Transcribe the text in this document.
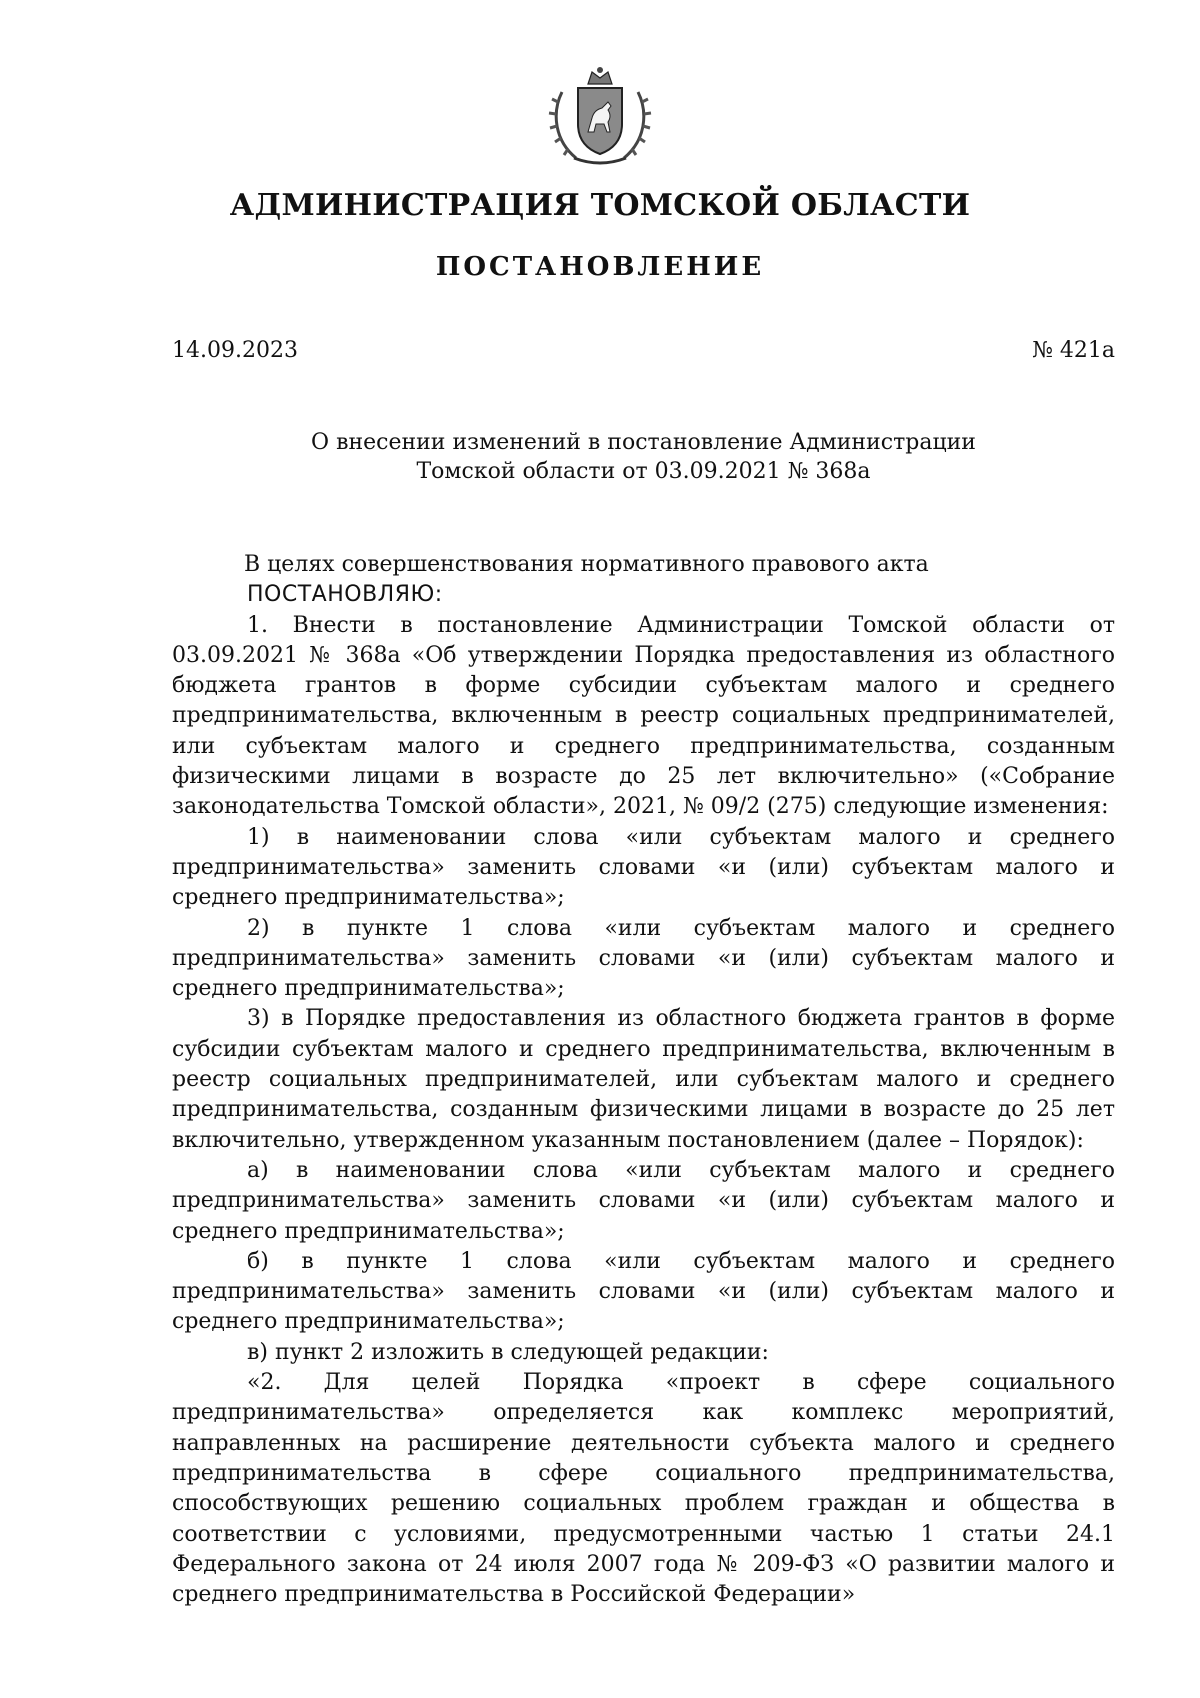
АДМИНИСТРАЦИЯ ТОМСКОЙ ОБЛАСТИ
ПОСТАНОВЛЕНИЕ
14.09.2023	№ 421а
О внесении изменений в постановление Администрации
Томской области от 03.09.2021 № 368а

В целях совершенствования нормативного правового акта

ПОСТАНОВЛЯЮ:

1. Внести в постановление Администрации Томской области от 03.09.2021 № 368а «Об утверждении Порядка предоставления из областного бюджета грантов в форме субсидии субъектам малого и среднего предпринимательства, включенным в реестр социальных предпринимателей, или субъектам малого и среднего предпринимательства, созданным физическими лицами в возрасте до 25 лет включительно» («Собрание законодательства Томской области», 2021, № 09/2 (275) следующие изменения:

1) в наименовании слова «или субъектам малого и среднего предпринимательства» заменить словами «и (или) субъектам малого и среднего предпринимательства»;

2) в пункте 1 слова «или субъектам малого и среднего предпринимательства» заменить словами «и (или) субъектам малого и среднего предпринимательства»;

3) в Порядке предоставления из областного бюджета грантов в форме субсидии субъектам малого и среднего предпринимательства, включенным в реестр социальных предпринимателей, или субъектам малого и среднего предпринимательства, созданным физическими лицами в возрасте до 25 лет включительно, утвержденном указанным постановлением (далее – Порядок):

а) в наименовании слова «или субъектам малого и среднего предпринимательства» заменить словами «и (или) субъектам малого и среднего предпринимательства»;

б) в пункте 1 слова «или субъектам малого и среднего предпринимательства» заменить словами «и (или) субъектам малого и среднего предпринимательства»;

в) пункт 2 изложить в следующей редакции:

«2. Для целей Порядка «проект в сфере социального предпринимательства» определяется как комплекс мероприятий, направленных на расширение деятельности субъекта малого и среднего предпринимательства в сфере социального предпринимательства, способствующих решению социальных проблем граждан и общества в соответствии с условиями, предусмотренными частью 1 статьи 24.1 Федерального закона от 24 июля 2007 года № 209-ФЗ «О развитии малого и среднего предпринимательства в Российской Федерации»
